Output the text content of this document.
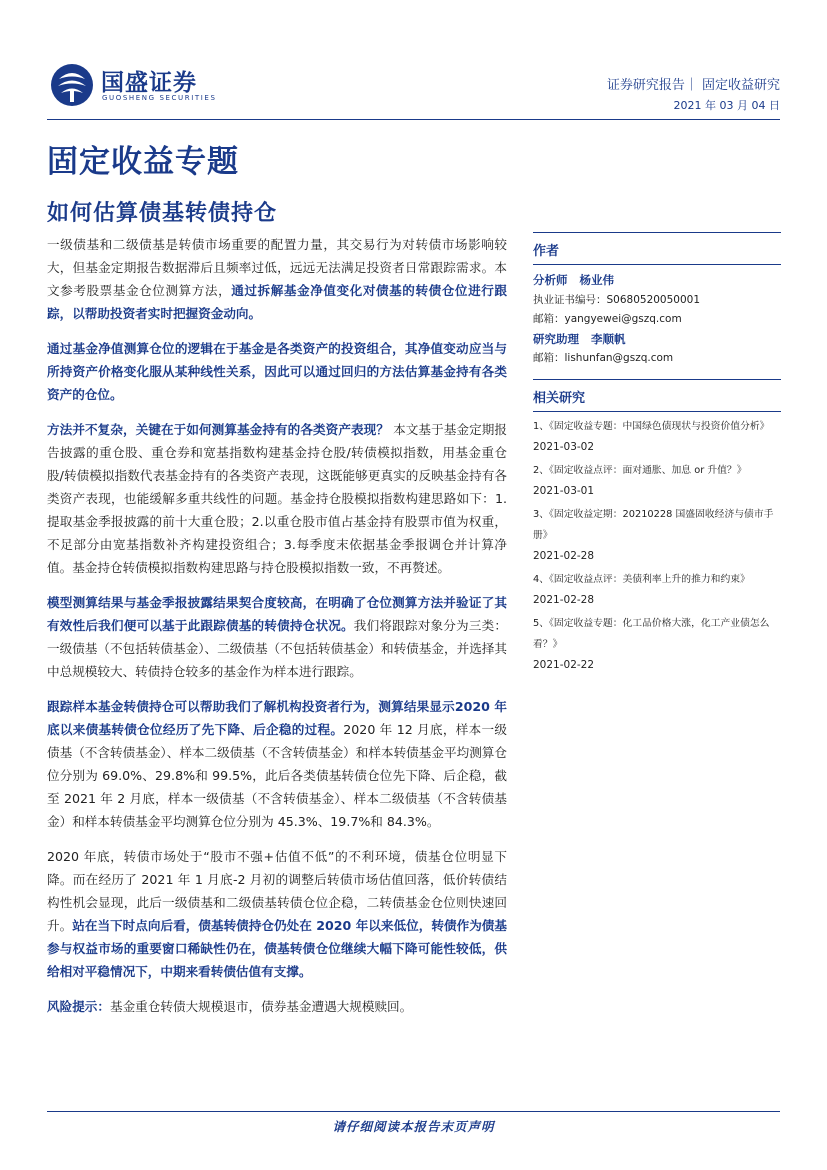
国盛证券
GUOSHENG SECURITIES
证券研究报告｜ 固定收益研究
2021 年 03 月 04 日
固定收益专题
如何估算债基转债持仓

一级债基和二级债基是转债市场重要的配置力量，其交易行为对转债市场影响较大，但基金定期报告数据滞后且频率过低，远远无法满足投资者日常跟踪需求。本文参考股票基金仓位测算方法，通过拆解基金净值变化对债基的转债仓位进行跟踪，以帮助投资者实时把握资金动向。

通过基金净值测算仓位的逻辑在于基金是各类资产的投资组合，其净值变动应当与所持资产价格变化服从某种线性关系，因此可以通过回归的方法估算基金持有各类资产的仓位。

方法并不复杂，关键在于如何测算基金持有的各类资产表现？ 本文基于基金定期报告披露的重仓股、重仓券和宽基指数构建基金持仓股/转债模拟指数，用基金重仓股/转债模拟指数代表基金持有的各类资产表现，这既能够更真实的反映基金持有各类资产表现，也能缓解多重共线性的问题。基金持仓股模拟指数构建思路如下：1.提取基金季报披露的前十大重仓股；2.以重仓股市值占基金持有股票市值为权重，不足部分由宽基指数补齐构建投资组合；3.每季度末依据基金季报调仓并计算净值。基金持仓转债模拟指数构建思路与持仓股模拟指数一致，不再赘述。

模型测算结果与基金季报披露结果契合度较高，在明确了仓位测算方法并验证了其有效性后我们便可以基于此跟踪债基的转债持仓状况。我们将跟踪对象分为三类：一级债基（不包括转债基金）、二级债基（不包括转债基金）和转债基金，并选择其中总规模较大、转债持仓较多的基金作为样本进行跟踪。

跟踪样本基金转债持仓可以帮助我们了解机构投资者行为，测算结果显示2020 年底以来债基转债仓位经历了先下降、后企稳的过程。2020 年 12 月底，样本一级债基（不含转债基金）、样本二级债基（不含转债基金）和样本转债基金平均测算仓位分别为 69.0%、29.8%和 99.5%，此后各类债基转债仓位先下降、后企稳，截至 2021 年 2 月底，样本一级债基（不含转债基金）、样本二级债基（不含转债基金）和样本转债基金平均测算仓位分别为 45.3%、19.7%和 84.3%。

2020 年底，转债市场处于“股市不强+估值不低”的不利环境，债基仓位明显下降。而在经历了 2021 年 1 月底-2 月初的调整后转债市场估值回落，低价转债结构性机会显现，此后一级债基和二级债基转债仓位企稳，二转债基金仓位则快速回升。站在当下时点向后看，债基转债持仓仍处在 2020 年以来低位，转债作为债基参与权益市场的重要窗口稀缺性仍在，债基转债仓位继续大幅下降可能性较低，供给相对平稳情况下，中期来看转债估值有支撑。

风险提示：基金重仓转债大规模退市，债券基金遭遇大规模赎回。

作者
分析师 杨业伟
执业证书编号：S0680520050001
邮箱：yangyewei@gszq.com
研究助理 李顺帆
邮箱：lishunfan@gszq.com
相关研究
1、《固定收益专题：中国绿色债现状与投资价值分析》
2021-03-02
2、《固定收益点评：面对通胀、加息 or 升值？》
2021-03-01
3、《固定收益定期：20210228 国盛固收经济与债市手册》
2021-02-28
4、《固定收益点评：美债利率上升的推力和约束》
2021-02-28
5、《固定收益专题：化工品价格大涨，化工产业债怎么看？》
2021-02-22
请仔细阅读本报告末页声明
